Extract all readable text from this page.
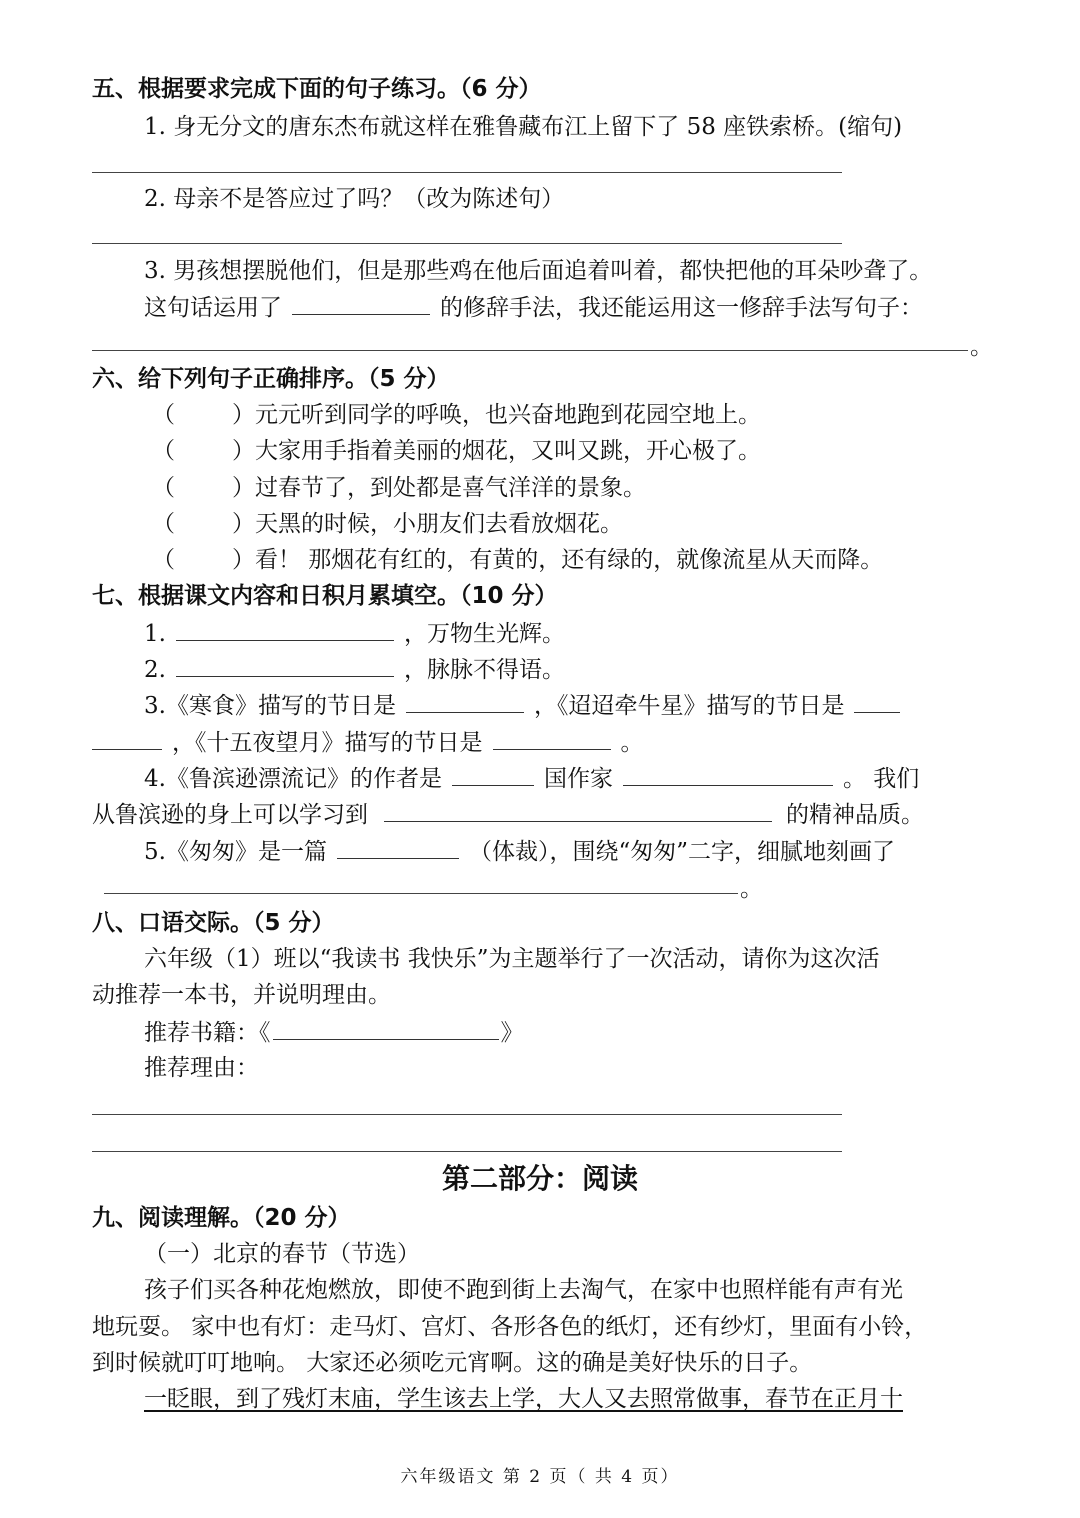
五、根据要求完成下面的句子练习。（6 分）
1. 身无分文的唐东杰布就这样在雅鲁藏布江上留下了 58 座铁索桥。(缩句)
2. 母亲不是答应过了吗？（改为陈述句）
3. 男孩想摆脱他们，但是那些鸡在他后面追着叫着，都快把他的耳朵吵聋了。
这句话运用了	的修辞手法，我还能运用这一修辞手法写句子：
。
六、给下列句子正确排序。（5 分）
（ ）元元听到同学的呼唤，也兴奋地跑到花园空地上。
（ ）大家用手指着美丽的烟花，又叫又跳，开心极了。
（ ）过春节了，到处都是喜气洋洋的景象。
（ ）天黑的时候，小朋友们去看放烟花。
（ ）看！ 那烟花有红的，有黄的，还有绿的，就像流星从天而降。
七、根据课文内容和日积月累填空。（10 分）
1.	，万物生光辉。
2.	，脉脉不得语。
3.《寒食》描写的节日是	，《迢迢牵牛星》描写的节日是
，《十五夜望月》描写的节日是	。
4.《鲁滨逊漂流记》的作者是	国作家	。 我们
从鲁滨逊的身上可以学习到	的精神品质。
5.《匆匆》是一篇	（体裁），围绕“匆匆”二字，细腻地刻画了
。
八、口语交际。（5 分）
六年级（1）班以“我读书 我快乐”为主题举行了一次活动，请你为这次活
动推荐一本书，并说明理由。
推荐书籍：《	》
推荐理由：
第二部分：阅读
九、阅读理解。（20 分）
（一）北京的春节（节选）
孩子们买各种花炮燃放，即使不跑到街上去淘气，在家中也照样能有声有光
地玩耍。 家中也有灯：走马灯、宫灯、各形各色的纸灯，还有纱灯，里面有小铃，
到时候就叮叮地响。 大家还必须吃元宵啊。这的确是美好快乐的日子。
一眨眼，到了残灯末庙，学生该去上学，大人又去照常做事，春节在正月十
六年级语文 第 2 页（ 共 4 页）
